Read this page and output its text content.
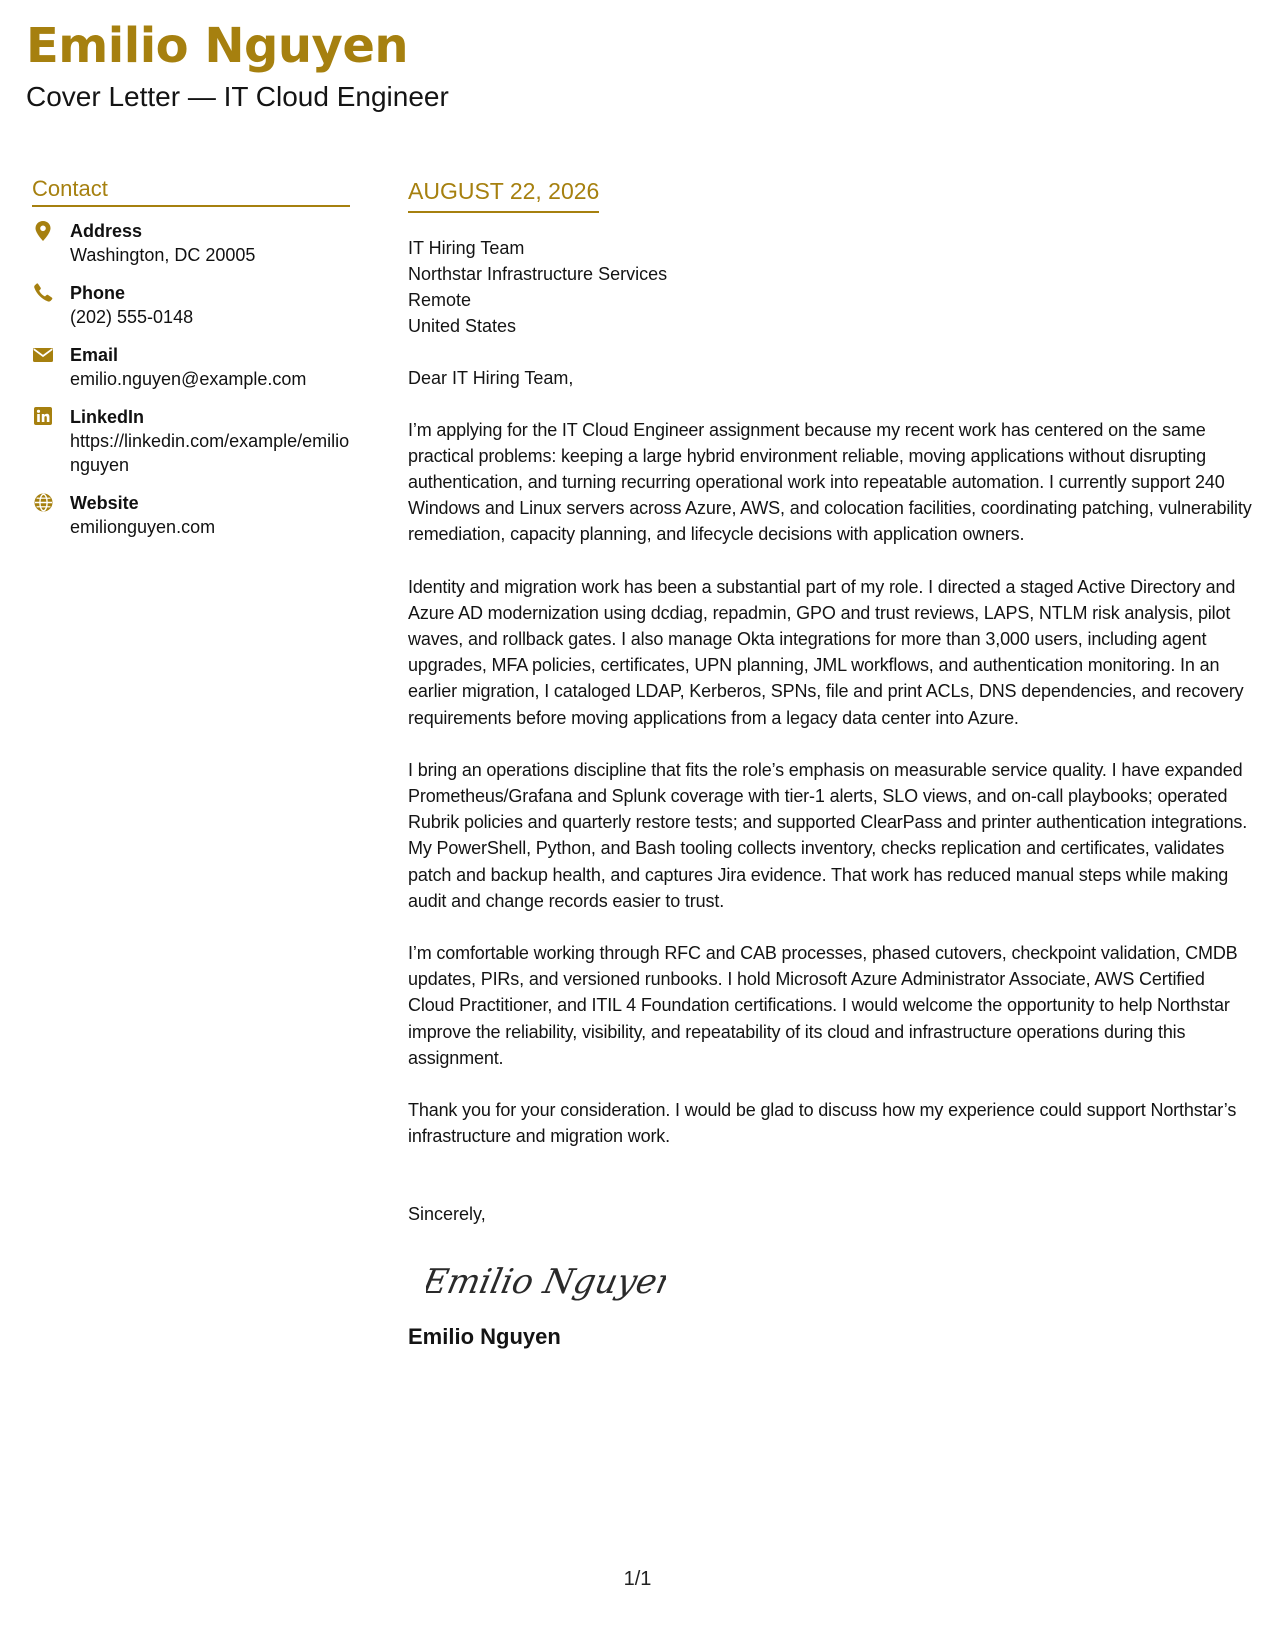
Emilio Nguyen
Cover Letter — IT Cloud Engineer
Contact
Address
Washington, DC 20005
Phone
(202) 555-0148
Email
emilio.nguyen@example.com
LinkedIn
https://linkedin.com/example/emilionguyen
Website
emilionguyen.com
AUGUST 22, 2026
IT Hiring Team
Northstar Infrastructure Services
Remote
United States
Dear IT Hiring Team,

I’m applying for the IT Cloud Engineer assignment because my recent work has centered on the same practical problems: keeping a large hybrid environment reliable, moving applications without disrupting authentication, and turning recurring operational work into repeatable automation. I currently support 240 Windows and Linux servers across Azure, AWS, and colocation facilities, coordinating patching, vulnerability remediation, capacity planning, and lifecycle decisions with application owners.

Identity and migration work has been a substantial part of my role. I directed a staged Active Directory and Azure AD modernization using dcdiag, repadmin, GPO and trust reviews, LAPS, NTLM risk analysis, pilot waves, and rollback gates. I also manage Okta integrations for more than 3,000 users, including agent upgrades, MFA policies, certificates, UPN planning, JML workflows, and authentication monitoring. In an earlier migration, I cataloged LDAP, Kerberos, SPNs, file and print ACLs, DNS dependencies, and recovery requirements before moving applications from a legacy data center into Azure.

I bring an operations discipline that fits the role’s emphasis on measurable service quality. I have expanded Prometheus/Grafana and Splunk coverage with tier-1 alerts, SLO views, and on-call playbooks; operated Rubrik policies and quarterly restore tests; and supported ClearPass and printer authentication integrations. My PowerShell, Python, and Bash tooling collects inventory, checks replication and certificates, validates patch and backup health, and captures Jira evidence. That work has reduced manual steps while making audit and change records easier to trust.

I’m comfortable working through RFC and CAB processes, phased cutovers, checkpoint validation, CMDB updates, PIRs, and versioned runbooks. I hold Microsoft Azure Administrator Associate, AWS Certified Cloud Practitioner, and ITIL 4 Foundation certifications. I would welcome the opportunity to help Northstar improve the reliability, visibility, and repeatability of its cloud and infrastructure operations during this assignment.

Thank you for your consideration. I would be glad to discuss how my experience could support Northstar’s infrastructure and migration work.

Sincerely,
Emilio Nguyen
Emilio Nguyen
1/1
